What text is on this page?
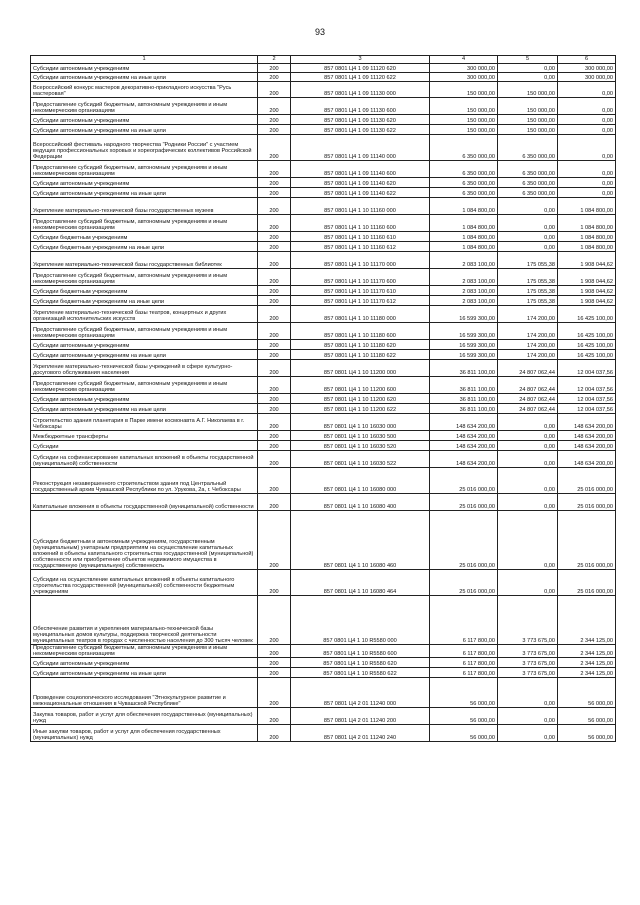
93
1	2	3	4	5	6
Субсидии автономным учреждениям	200	857 0801 Ц4 1 09 11120 620	300 000,00	0,00	300 000,00
Субсидии автономным учреждениям на иные цели	200	857 0801 Ц4 1 09 11120 622	300 000,00	0,00	300 000,00
Всероссийский конкурс мастеров декоративно-прикладного искусства "Русь мастеровая"	200	857 0801 Ц4 1 09 11130 000	150 000,00	150 000,00	0,00
Предоставление субсидий бюджетным, автономным учреждениям и иным некоммерческим организациям	200	857 0801 Ц4 1 09 11130 600	150 000,00	150 000,00	0,00
Субсидии автономным учреждениям	200	857 0801 Ц4 1 09 11130 620	150 000,00	150 000,00	0,00
Субсидии автономным учреждениям на иные цели	200	857 0801 Ц4 1 09 11130 622	150 000,00	150 000,00	0,00
Всероссийский фестиваль народного творчества "Родники России" с участием ведущих профессиональных хоровых и хореографических коллективов Российской Федерации	200	857 0801 Ц4 1 09 11140 000	6 350 000,00	6 350 000,00	0,00
Предоставление субсидий бюджетным, автономным учреждениям и иным некоммерческим организациям	200	857 0801 Ц4 1 09 11140 600	6 350 000,00	6 350 000,00	0,00
Субсидии автономным учреждениям	200	857 0801 Ц4 1 09 11140 620	6 350 000,00	6 350 000,00	0,00
Субсидии автономным учреждениям на иные цели	200	857 0801 Ц4 1 09 11140 622	6 350 000,00	6 350 000,00	0,00
Укрепление материально-технической базы государственных музеев	200	857 0801 Ц4 1 10 11160 000	1 084 800,00	0,00	1 084 800,00
Предоставление субсидий бюджетным, автономным учреждениям и иным некоммерческим организациям	200	857 0801 Ц4 1 10 11160 600	1 084 800,00	0,00	1 084 800,00
Субсидии бюджетным учреждениям	200	857 0801 Ц4 1 10 11160 610	1 084 800,00	0,00	1 084 800,00
Субсидии бюджетным учреждениям на иные цели	200	857 0801 Ц4 1 10 11160 612	1 084 800,00	0,00	1 084 800,00
Укрепление материально-технической базы государственных библиотек	200	857 0801 Ц4 1 10 11170 000	2 083 100,00	175 055,38	1 908 044,62
Предоставление субсидий бюджетным, автономным учреждениям и иным некоммерческим организациям	200	857 0801 Ц4 1 10 11170 600	2 083 100,00	175 055,38	1 908 044,62
Субсидии бюджетным учреждениям	200	857 0801 Ц4 1 10 11170 610	2 083 100,00	175 055,38	1 908 044,62
Субсидии бюджетным учреждениям на иные цели	200	857 0801 Ц4 1 10 11170 612	2 083 100,00	175 055,38	1 908 044,62
Укрепление материально-технической базы театров, концертных и других организаций исполнительских искусств	200	857 0801 Ц4 1 10 11180 000	16 599 300,00	174 200,00	16 425 100,00
Предоставление субсидий бюджетным, автономным учреждениям и иным некоммерческим организациям	200	857 0801 Ц4 1 10 11180 600	16 599 300,00	174 200,00	16 425 100,00
Субсидии автономным учреждениям	200	857 0801 Ц4 1 10 11180 620	16 599 300,00	174 200,00	16 425 100,00
Субсидии автономным учреждениям на иные цели	200	857 0801 Ц4 1 10 11180 622	16 599 300,00	174 200,00	16 425 100,00
Укрепление материально-технической базы учреждений в сфере культурно-досугового обслуживания населения	200	857 0801 Ц4 1 10 11200 000	36 811 100,00	24 807 062,44	12 004 037,56
Предоставление субсидий бюджетным, автономным учреждениям и иным некоммерческим организациям	200	857 0801 Ц4 1 10 11200 600	36 811 100,00	24 807 062,44	12 004 037,56
Субсидии автономным учреждениям	200	857 0801 Ц4 1 10 11200 620	36 811 100,00	24 807 062,44	12 004 037,56
Субсидии автономным учреждениям на иные цели	200	857 0801 Ц4 1 10 11200 622	36 811 100,00	24 807 062,44	12 004 037,56
Строительство здания планетария в Парке имени космонавта А.Г. Николаева в г. Чебоксары	200	857 0801 Ц4 1 10 16030 000	148 634 200,00	0,00	148 634 200,00
Межбюджетные трансферты	200	857 0801 Ц4 1 10 16030 500	148 634 200,00	0,00	148 634 200,00
Субсидии	200	857 0801 Ц4 1 10 16030 520	148 634 200,00	0,00	148 634 200,00
Субсидии на софинансирование капитальных вложений в объекты государственной (муниципальной) собственности	200	857 0801 Ц4 1 10 16030 522	148 634 200,00	0,00	148 634 200,00
Реконструкция незавершенного строительством здания под Центральный государственный архив Чувашской Республики по ул. Урукова, 2а, г. Чебоксары	200	857 0801 Ц4 1 10 16080 000	25 016 000,00	0,00	25 016 000,00
Капитальные вложения в объекты государственной (муниципальной) собственности	200	857 0801 Ц4 1 10 16080 400	25 016 000,00	0,00	25 016 000,00
Субсидии бюджетным и автономным учреждениям, государственным (муниципальным) унитарным предприятиям на осуществление капитальных вложений в объекты капитального строительства государственной (муниципальной) собственности или приобретение объектов недвижимого имущества в государственную (муниципальную) собственность	200	857 0801 Ц4 1 10 16080 460	25 016 000,00	0,00	25 016 000,00
Субсидии на осуществление капитальных вложений в объекты капитального строительства государственной (муниципальной) собственности бюджетным учреждениям	200	857 0801 Ц4 1 10 16080 464	25 016 000,00	0,00	25 016 000,00
Обеспечение развития и укрепления материально-технической базы муниципальных домов культуры, поддержка творческой деятельности муниципальных театров в городах с численностью населения до 300 тысяч человек	200	857 0801 Ц4 1 10 R5580 000	6 117 800,00	3 773 675,00	2 344 125,00
Предоставление субсидий бюджетным, автономным учреждениям и иным некоммерческим организациям	200	857 0801 Ц4 1 10 R5580 600	6 117 800,00	3 773 675,00	2 344 125,00
Субсидии автономным учреждениям	200	857 0801 Ц4 1 10 R5580 620	6 117 800,00	3 773 675,00	2 344 125,00
Субсидии автономным учреждениям на иные цели	200	857 0801 Ц4 1 10 R5580 622	6 117 800,00	3 773 675,00	2 344 125,00
Проведение социологического исследования "Этнокультурное развитие и межнациональные отношения в Чувашской Республике"	200	857 0801 Ц4 2 01 11240 000	56 000,00	0,00	56 000,00
Закупка товаров, работ и услуг для обеспечения государственных (муниципальных) нужд	200	857 0801 Ц4 2 01 11240 200	56 000,00	0,00	56 000,00
Иные закупки товаров, работ и услуг для обеспечения государственных (муниципальных) нужд	200	857 0801 Ц4 2 01 11240 240	56 000,00	0,00	56 000,00
